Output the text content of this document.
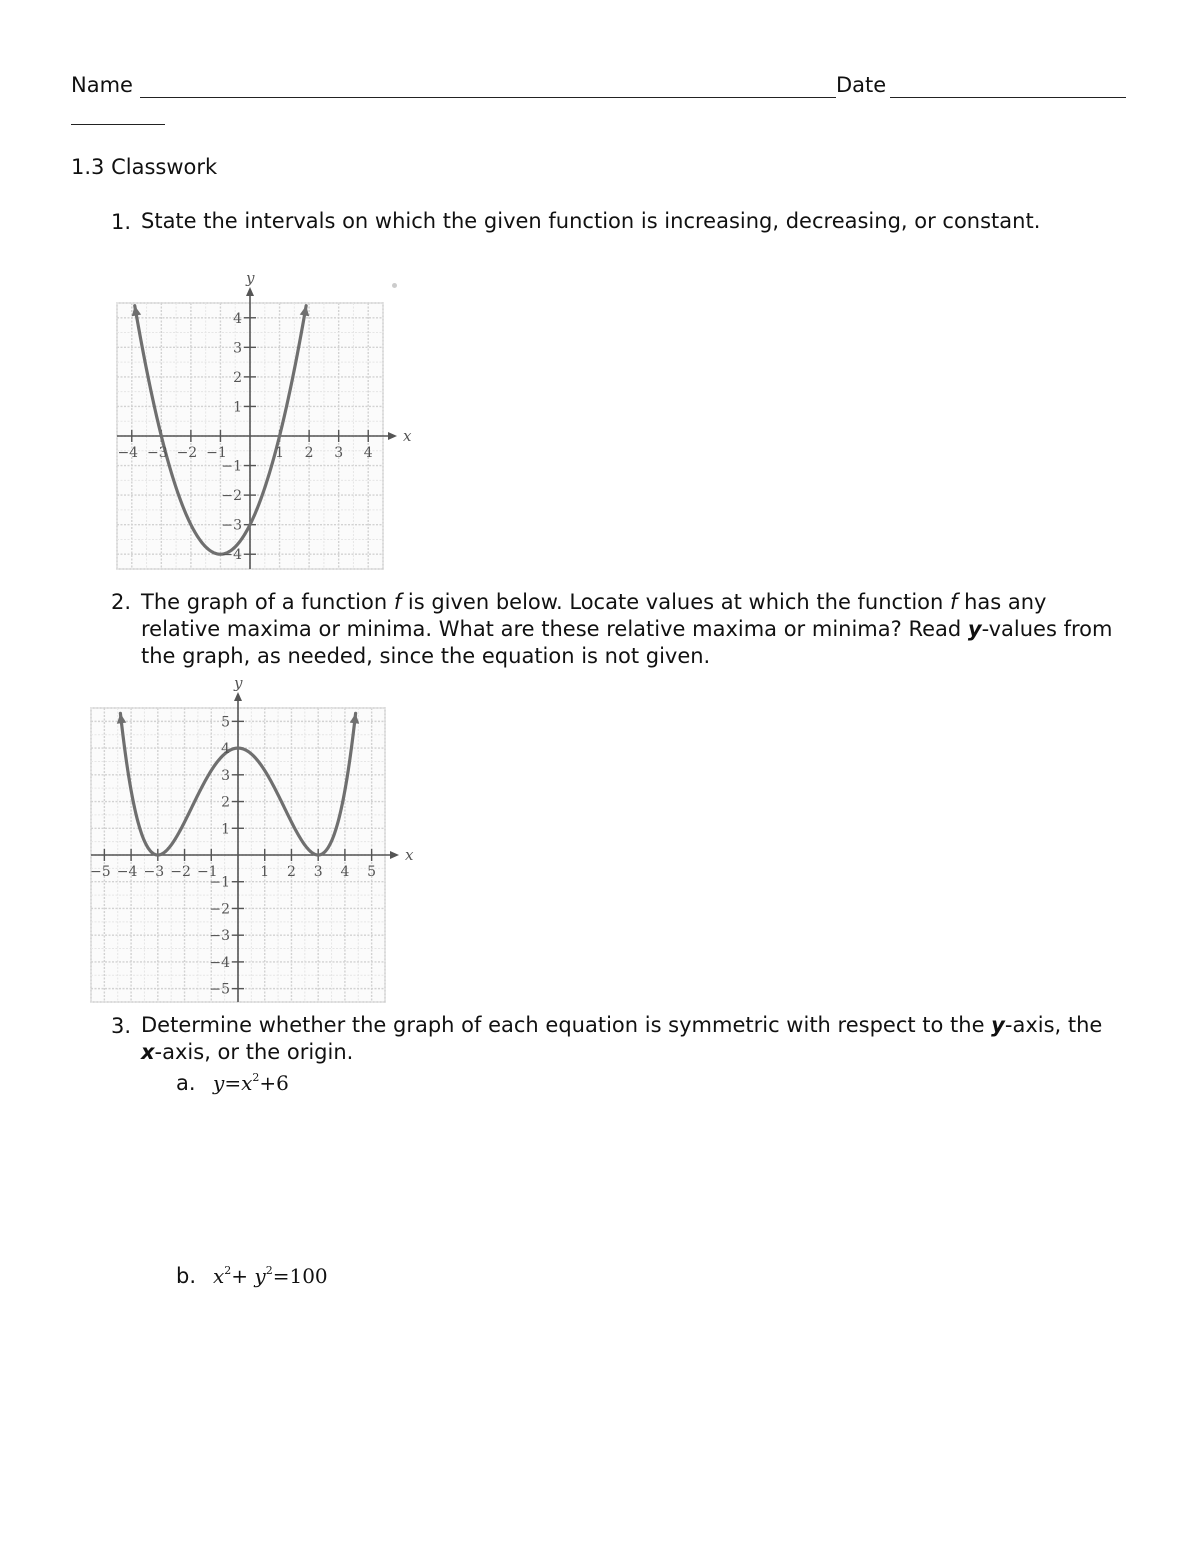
Name	Date
1.3 Classwork
1. State the intervals on which the given function is increasing, decreasing, or constant.
−4 −3 −2 −1	1 2 3 4
4
3
2
1
−1
−2
−3
−4
x
y
2. The graph of a function f is given below. Locate values at which the function f has any relative maxima or minima. What are these relative maxima or minima? Read y-values from the graph, as needed, since the equation is not given.
−5 −4 −3 −2 −1	1 2 3 4 5
5
4
3
2
1
−1
−2
−3
−4
−5
x
y
3. Determine whether the graph of each equation is symmetric with respect to the y-axis, the x-axis, or the origin.
a. $y=x^2+6$
b. $x^2+ y^2=100$
